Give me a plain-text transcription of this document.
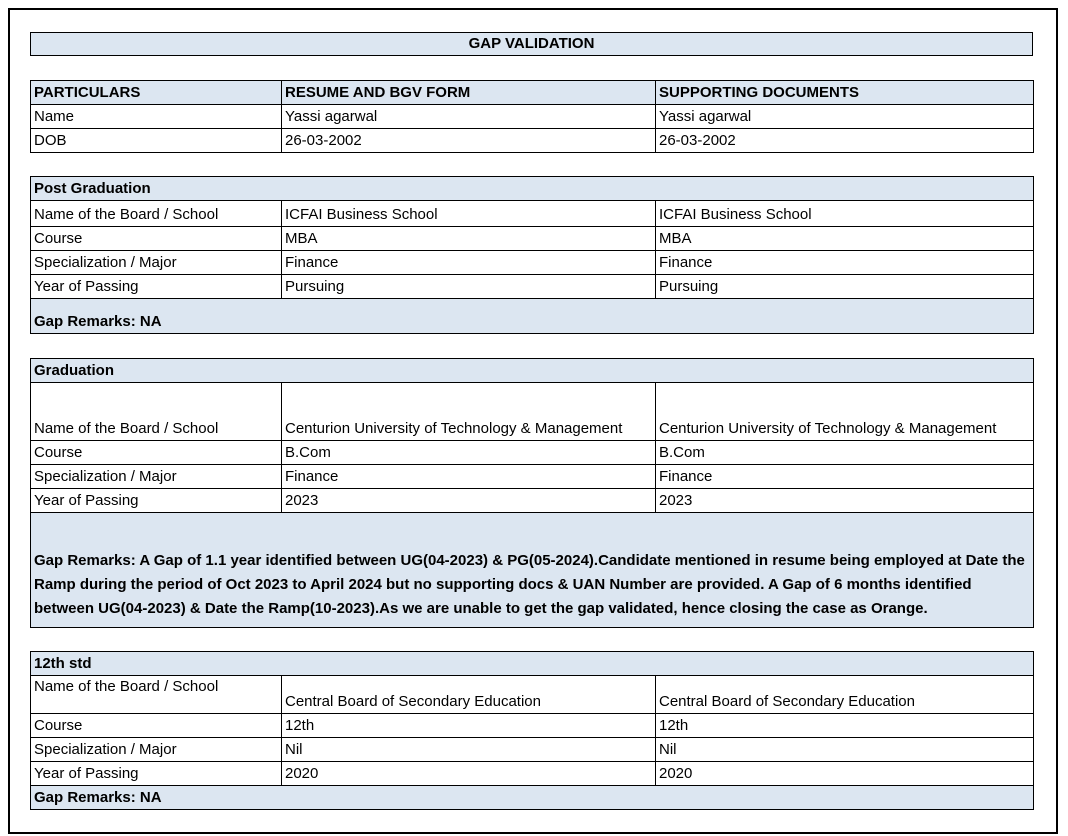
GAP VALIDATION
PARTICULARS	RESUME AND BGV FORM	SUPPORTING DOCUMENTS
Name	Yassi agarwal	Yassi agarwal
DOB	26-03-2002	26-03-2002
Post Graduation		
Name of the Board / School	ICFAI Business School	ICFAI Business School
Course	MBA	MBA
Specialization / Major	Finance	Finance
Year of Passing	Pursuing	Pursuing
Gap Remarks: NA		
Graduation		
Name of the Board / School	Centurion University of Technology & Management	Centurion University of Technology & Management
Course	B.Com	B.Com
Specialization / Major	Finance	Finance
Year of Passing	2023	2023
Gap Remarks: A Gap of 1.1 year identified between UG(04-2023) & PG(05-2024).Candidate mentioned in resume being employed at Date the Ramp during the period of Oct 2023 to April 2024 but no supporting docs & UAN Number are provided. A Gap of 6 months identified between UG(04-2023) & Date the Ramp(10-2023).As we are unable to get the gap validated, hence closing the case as Orange.		
12th std		
Name of the Board / School	Central Board of Secondary Education	Central Board of Secondary Education
Course	12th	12th
Specialization / Major	Nil	Nil
Year of Passing	2020	2020
Gap Remarks: NA		
